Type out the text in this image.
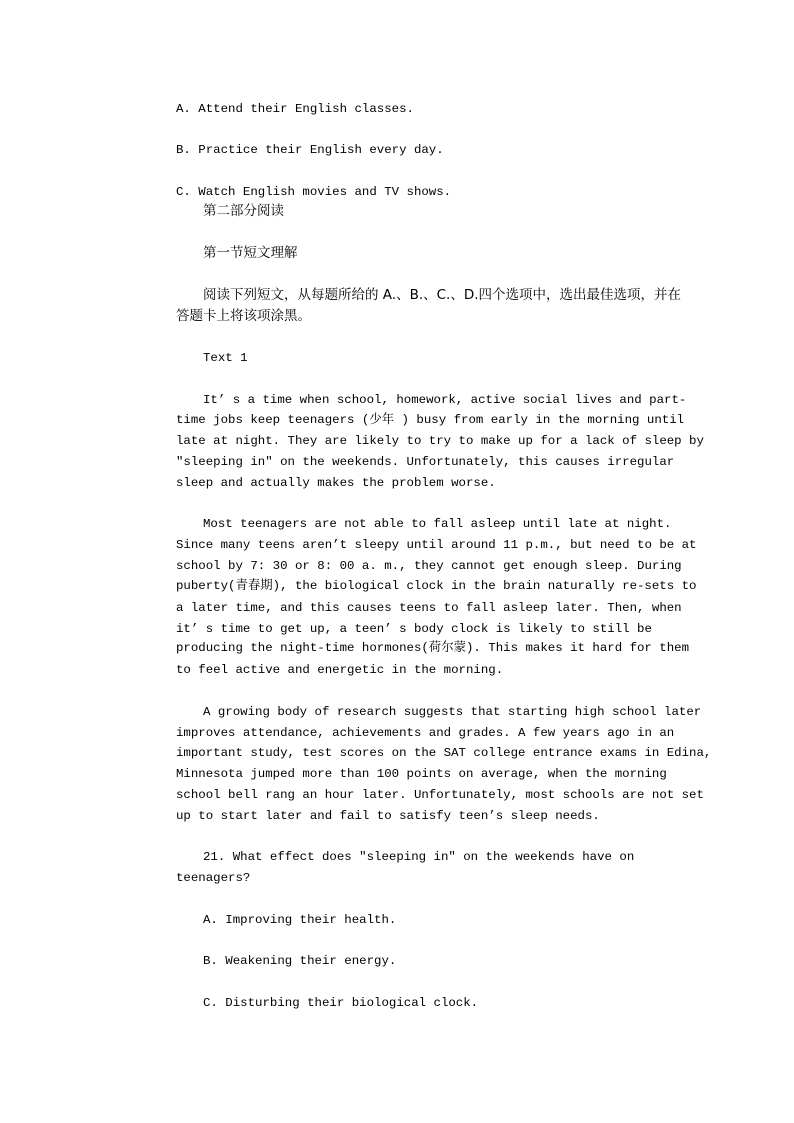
A. Attend their English classes.
B. Practice their English every day.
C. Watch English movies and TV shows.
第二部分阅读
第一节短文理解
阅读下列短文，从每题所给的 A.、B.、C.、D.四个选项中，选出最佳选项，并在答题卡上将该项涂黑。
Text 1
It’ s a time when school, homework, active social lives and part-
time jobs keep teenagers (少年 ) busy from early in the morning until
late at night. They are likely to try to make up for a lack of sleep by
"sleeping in" on the weekends. Unfortunately, this causes irregular
sleep and actually makes the problem worse.
Most teenagers are not able to fall asleep until late at night.
Since many teens aren’t sleepy until around 11 p.m., but need to be at
school by 7: 30 or 8: 00 a. m., they cannot get enough sleep. During
puberty(青春期), the biological clock in the brain naturally re-sets to
a later time, and this causes teens to fall asleep later. Then, when
it’ s time to get up, a teen’ s body clock is likely to still be
producing the night-time hormones(荷尔蒙). This makes it hard for them
to feel active and energetic in the morning.
A growing body of research suggests that starting high school later
improves attendance, achievements and grades. A few years ago in an
important study, test scores on the SAT college entrance exams in Edina,
Minnesota jumped more than 100 points on average, when the morning
school bell rang an hour later. Unfortunately, most schools are not set
up to start later and fail to satisfy teen’s sleep needs.
21. What effect does "sleeping in" on the weekends have on
teenagers?
A. Improving their health.
B. Weakening their energy.
C. Disturbing their biological clock.
